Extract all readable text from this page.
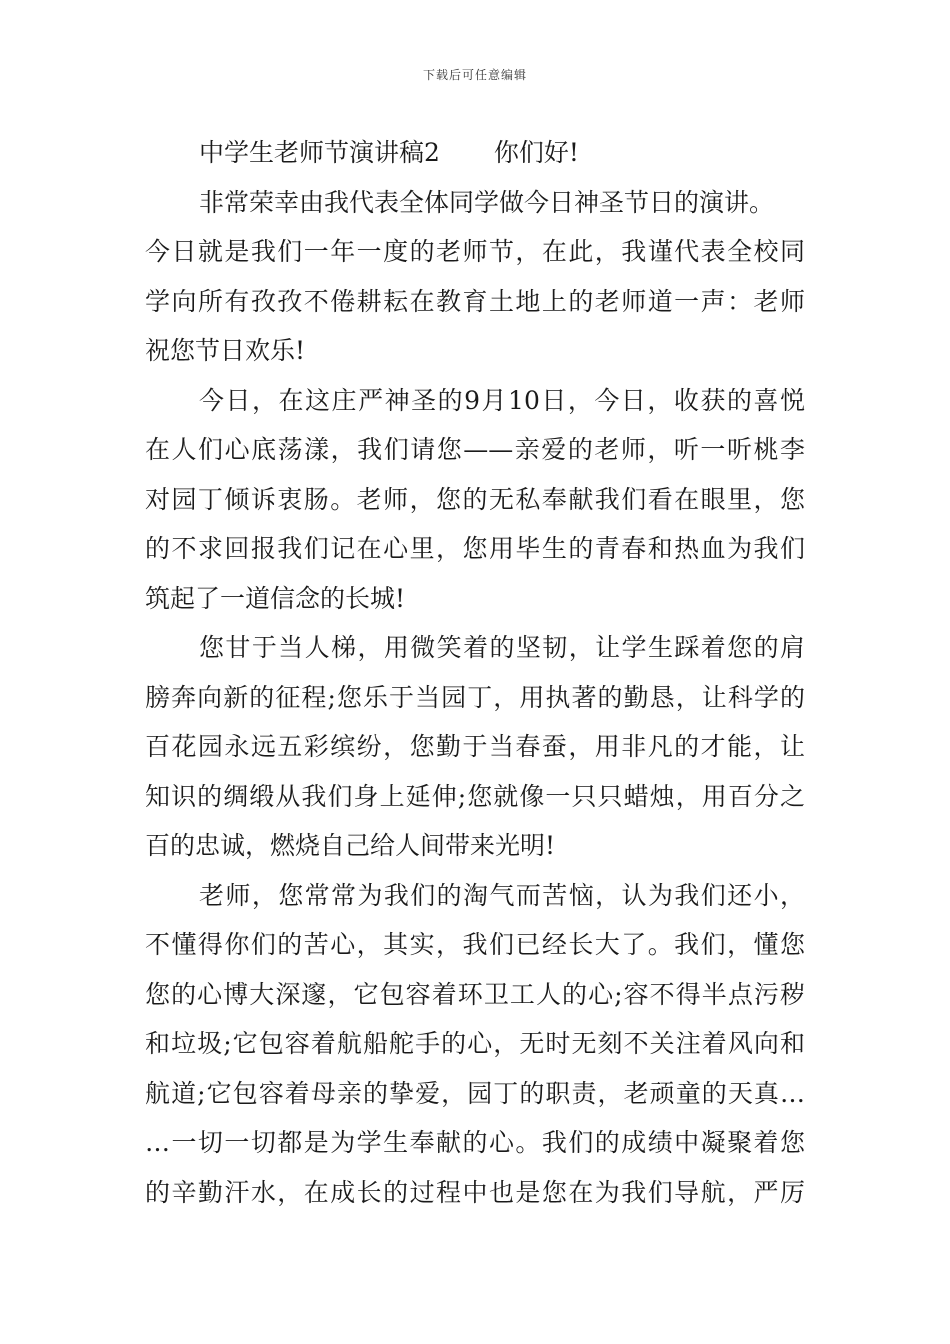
下载后可任意编辑
中学生老师节演讲稿2 你们好!
非常荣幸由我代表全体同学做今日神圣节日的演讲。
今日就是我们一年一度的老师节，在此，我谨代表全校同
学向所有孜孜不倦耕耘在教育土地上的老师道一声：老师
祝您节日欢乐!
今日，在这庄严神圣的9月10日，今日，收获的喜悦
在人们心底荡漾，我们请您——亲爱的老师，听一听桃李
对园丁倾诉衷肠。老师，您的无私奉献我们看在眼里，您
的不求回报我们记在心里，您用毕生的青春和热血为我们
筑起了一道信念的长城!
您甘于当人梯，用微笑着的坚韧，让学生踩着您的肩
膀奔向新的征程;您乐于当园丁，用执著的勤恳，让科学的
百花园永远五彩缤纷，您勤于当春蚕，用非凡的才能，让
知识的绸缎从我们身上延伸;您就像一只只蜡烛，用百分之
百的忠诚，燃烧自己给人间带来光明!
老师，您常常为我们的淘气而苦恼，认为我们还小，
不懂得你们的苦心，其实，我们已经长大了。我们，懂您
您的心博大深邃，它包容着环卫工人的心;容不得半点污秽
和垃圾;它包容着航船舵手的心，无时无刻不关注着风向和
航道;它包容着母亲的挚爱，园丁的职责，老顽童的天真…
…一切一切都是为学生奉献的心。我们的成绩中凝聚着您
的辛勤汗水，在成长的过程中也是您在为我们导航，严厉
